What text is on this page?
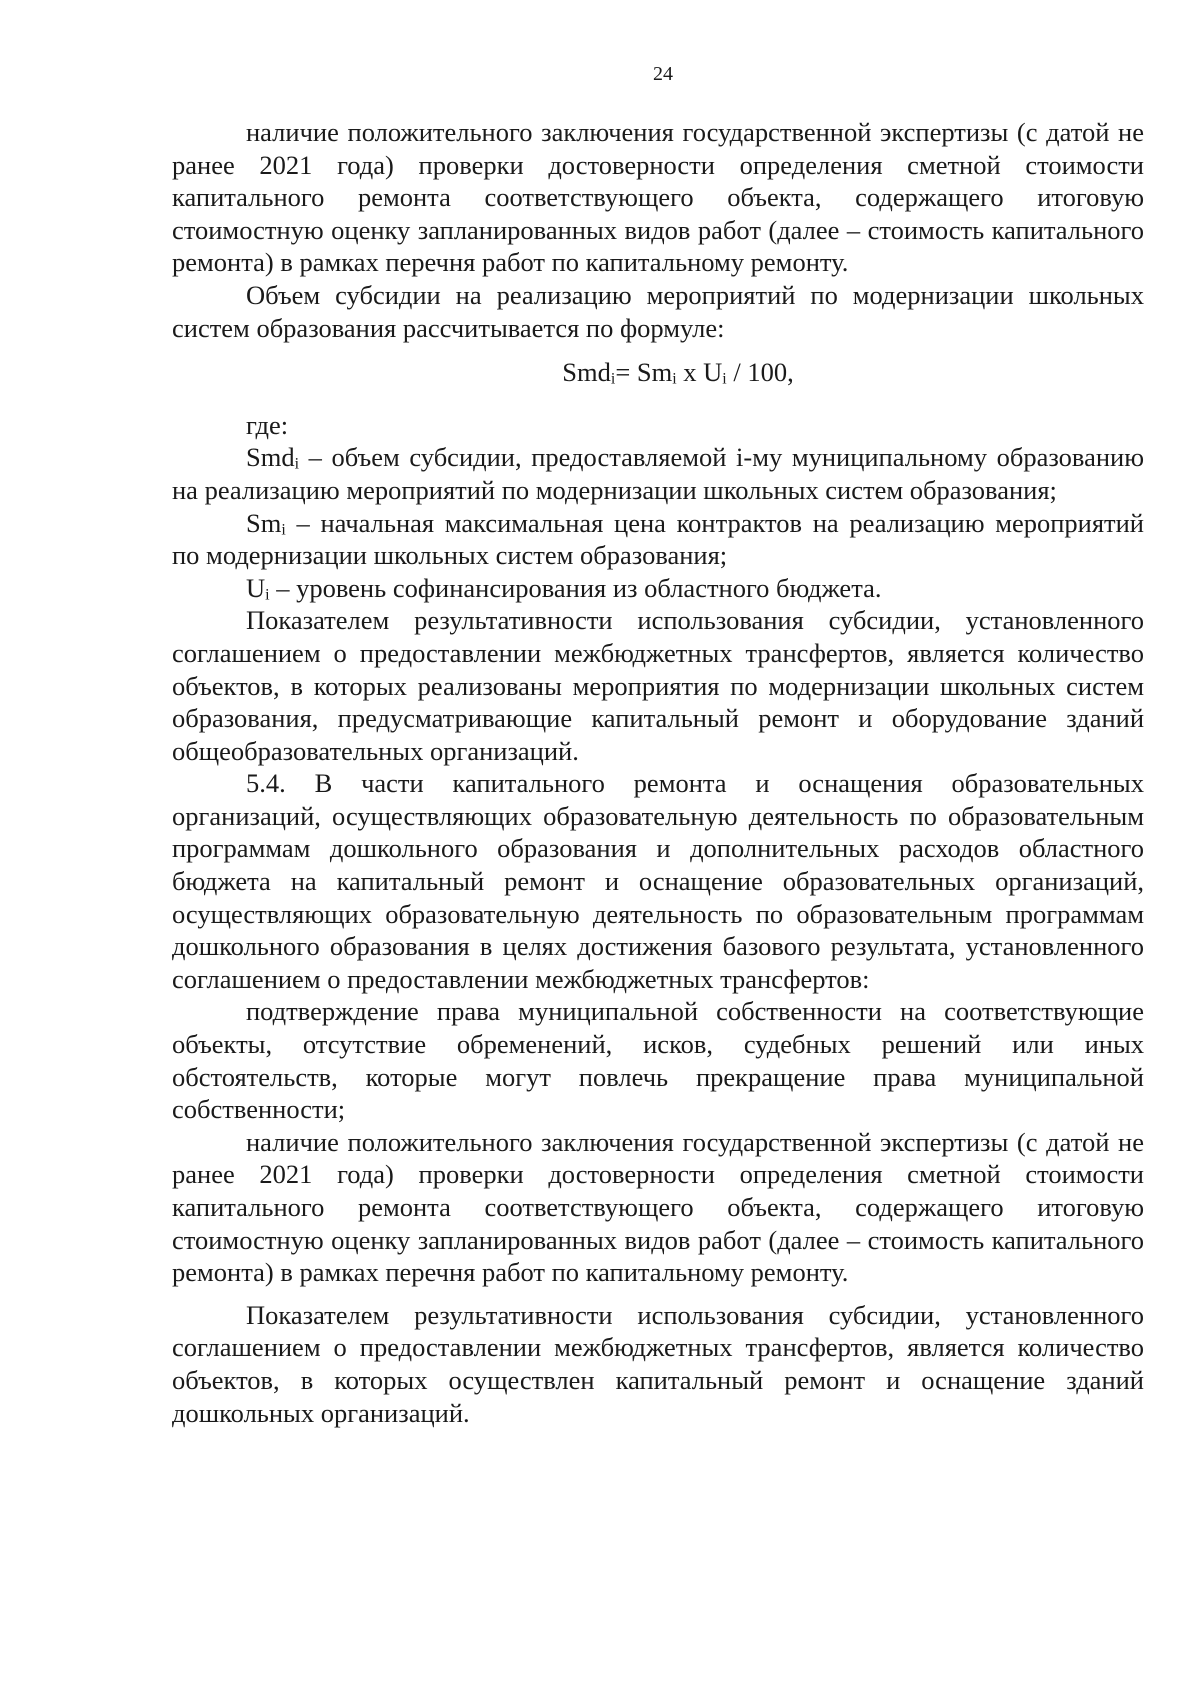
24

наличие положительного заключения государственной экспертизы (с датой не ранее 2021 года) проверки достоверности определения сметной стоимости капитального ремонта соответствующего объекта, содержащего итоговую стоимостную оценку запланированных видов работ (далее – стоимость капитального ремонта) в рамках перечня работ по капитальному ремонту.

Объем субсидии на реализацию мероприятий по модернизации школьных систем образования рассчитывается по формуле:

$Smd_i= Sm_i$ x $U_i / 100$,

где:

Smd$_i$ – объем субсидии, предоставляемой i-му муниципальному образованию на реализацию мероприятий по модернизации школьных систем образования;

$Sm_i$ – начальная максимальная цена контрактов на реализацию мероприятий по модернизации школьных систем образования;

$U_i$ – уровень софинансирования из областного бюджета.

Показателем результативности использования субсидии, установленного соглашением о предоставлении межбюджетных трансфертов, является количество объектов, в которых реализованы мероприятия по модернизации школьных систем образования, предусматривающие капитальный ремонт и оборудование зданий общеобразовательных организаций.

5.4. В части капитального ремонта и оснащения образовательных организаций, осуществляющих образовательную деятельность по образовательным программам дошкольного образования и дополнительных расходов областного бюджета на капитальный ремонт и оснащение образовательных организаций, осуществляющих образовательную деятельность по образовательным программам дошкольного образования в целях достижения базового результата, установленного соглашением о предоставлении межбюджетных трансфертов:

подтверждение права муниципальной собственности на соответствующие объекты, отсутствие обременений, исков, судебных решений или иных обстоятельств, которые могут повлечь прекращение права муниципальной собственности;

наличие положительного заключения государственной экспертизы (с датой не ранее 2021 года) проверки достоверности определения сметной стоимости капитального ремонта соответствующего объекта, содержащего итоговую стоимостную оценку запланированных видов работ (далее – стоимость капитального ремонта) в рамках перечня работ по капитальному ремонту.

Показателем результативности использования субсидии, установленного соглашением о предоставлении межбюджетных трансфертов, является количество объектов, в которых осуществлен капитальный ремонт и оснащение зданий дошкольных организаций.
